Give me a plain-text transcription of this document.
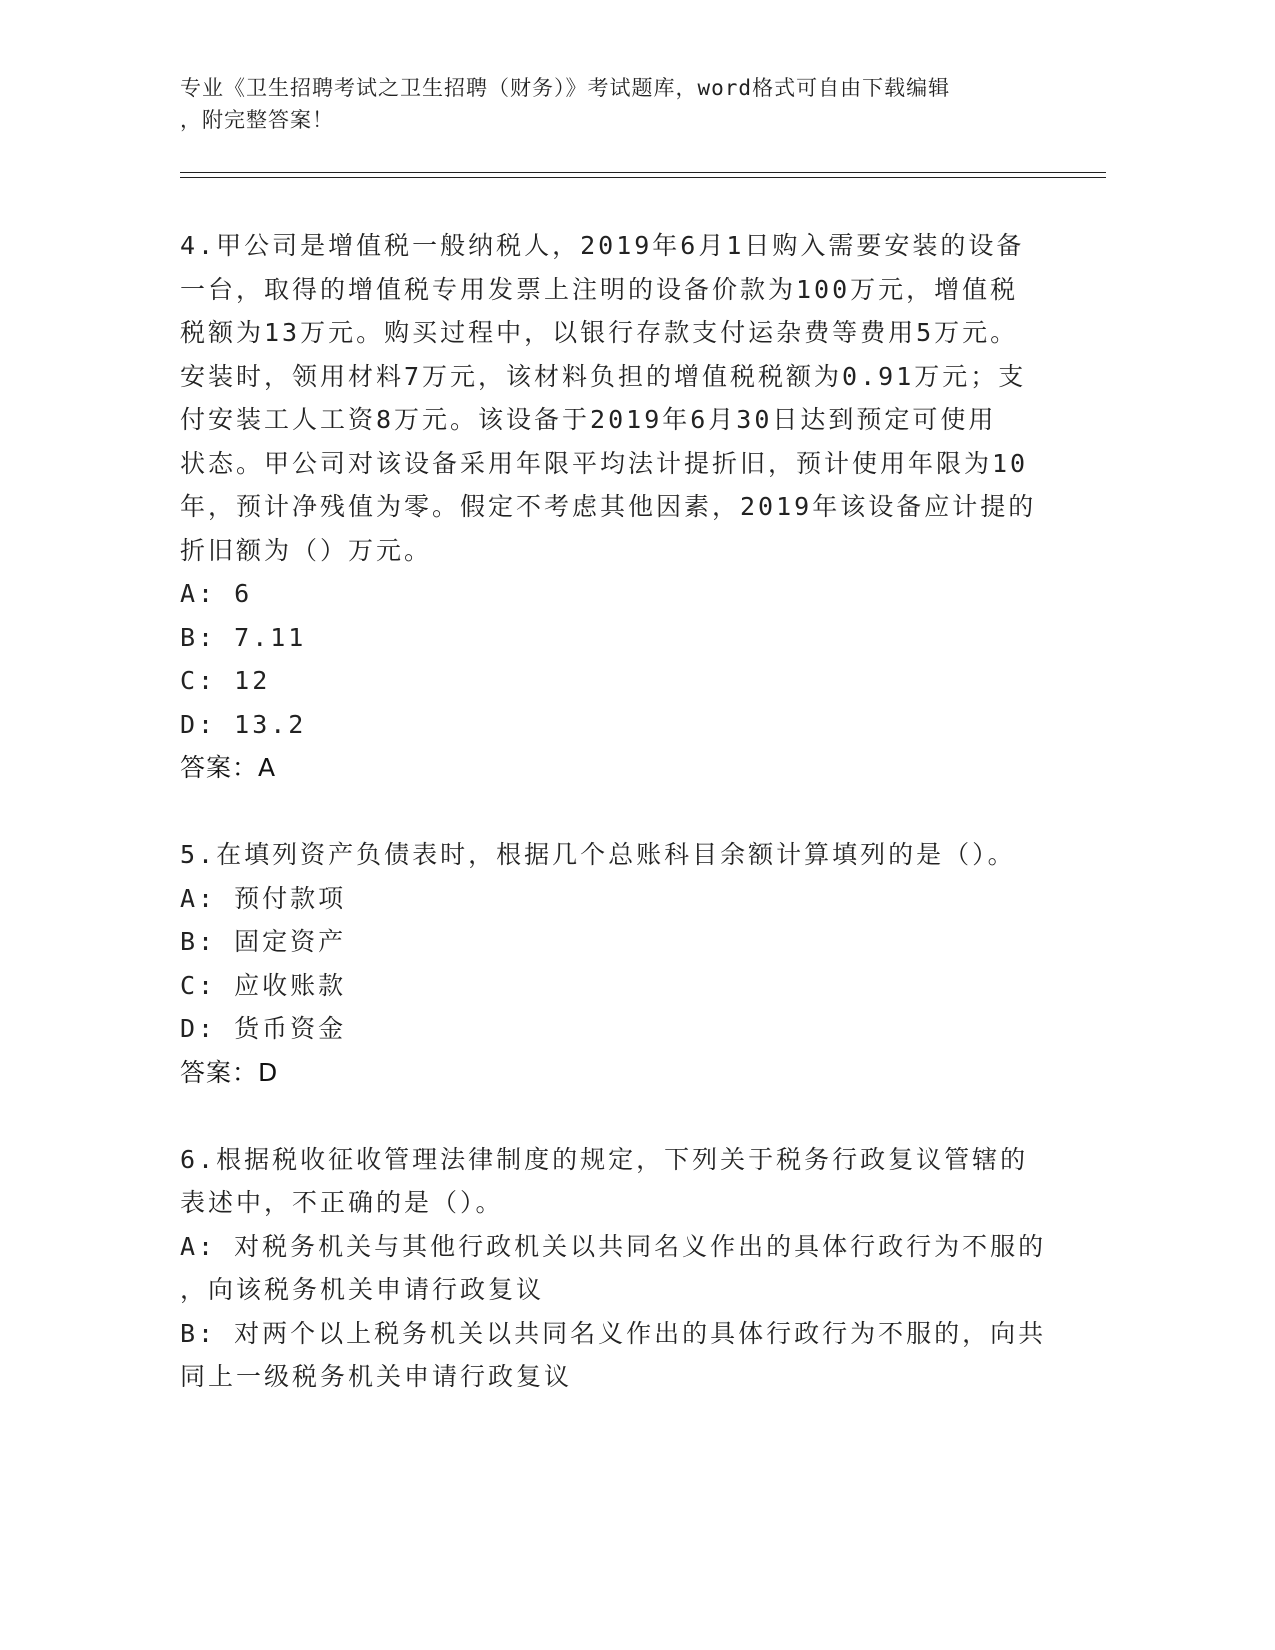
专业《卫生招聘考试之卫生招聘（财务）》考试题库，word格式可自由下载编辑
，附完整答案！
4.甲公司是增值税一般纳税人，2019年6月1日购入需要安装的设备
一台，取得的增值税专用发票上注明的设备价款为100万元，增值税
税额为13万元。购买过程中，以银行存款支付运杂费等费用5万元。
安装时，领用材料7万元，该材料负担的增值税税额为0.91万元；支
付安装工人工资8万元。该设备于2019年6月30日达到预定可使用
状态。甲公司对该设备采用年限平均法计提折旧，预计使用年限为10
年，预计净残值为零。假定不考虑其他因素，2019年该设备应计提的
折旧额为（）万元。
A: 6
B: 7.11
C: 12
D: 13.2
答案：A
5.在填列资产负债表时，根据几个总账科目余额计算填列的是（）。
A: 预付款项
B: 固定资产
C: 应收账款
D: 货币资金
答案：D
6.根据税收征收管理法律制度的规定，下列关于税务行政复议管辖的
表述中，不正确的是（）。
A: 对税务机关与其他行政机关以共同名义作出的具体行政行为不服的
，向该税务机关申请行政复议
B: 对两个以上税务机关以共同名义作出的具体行政行为不服的，向共
同上一级税务机关申请行政复议
